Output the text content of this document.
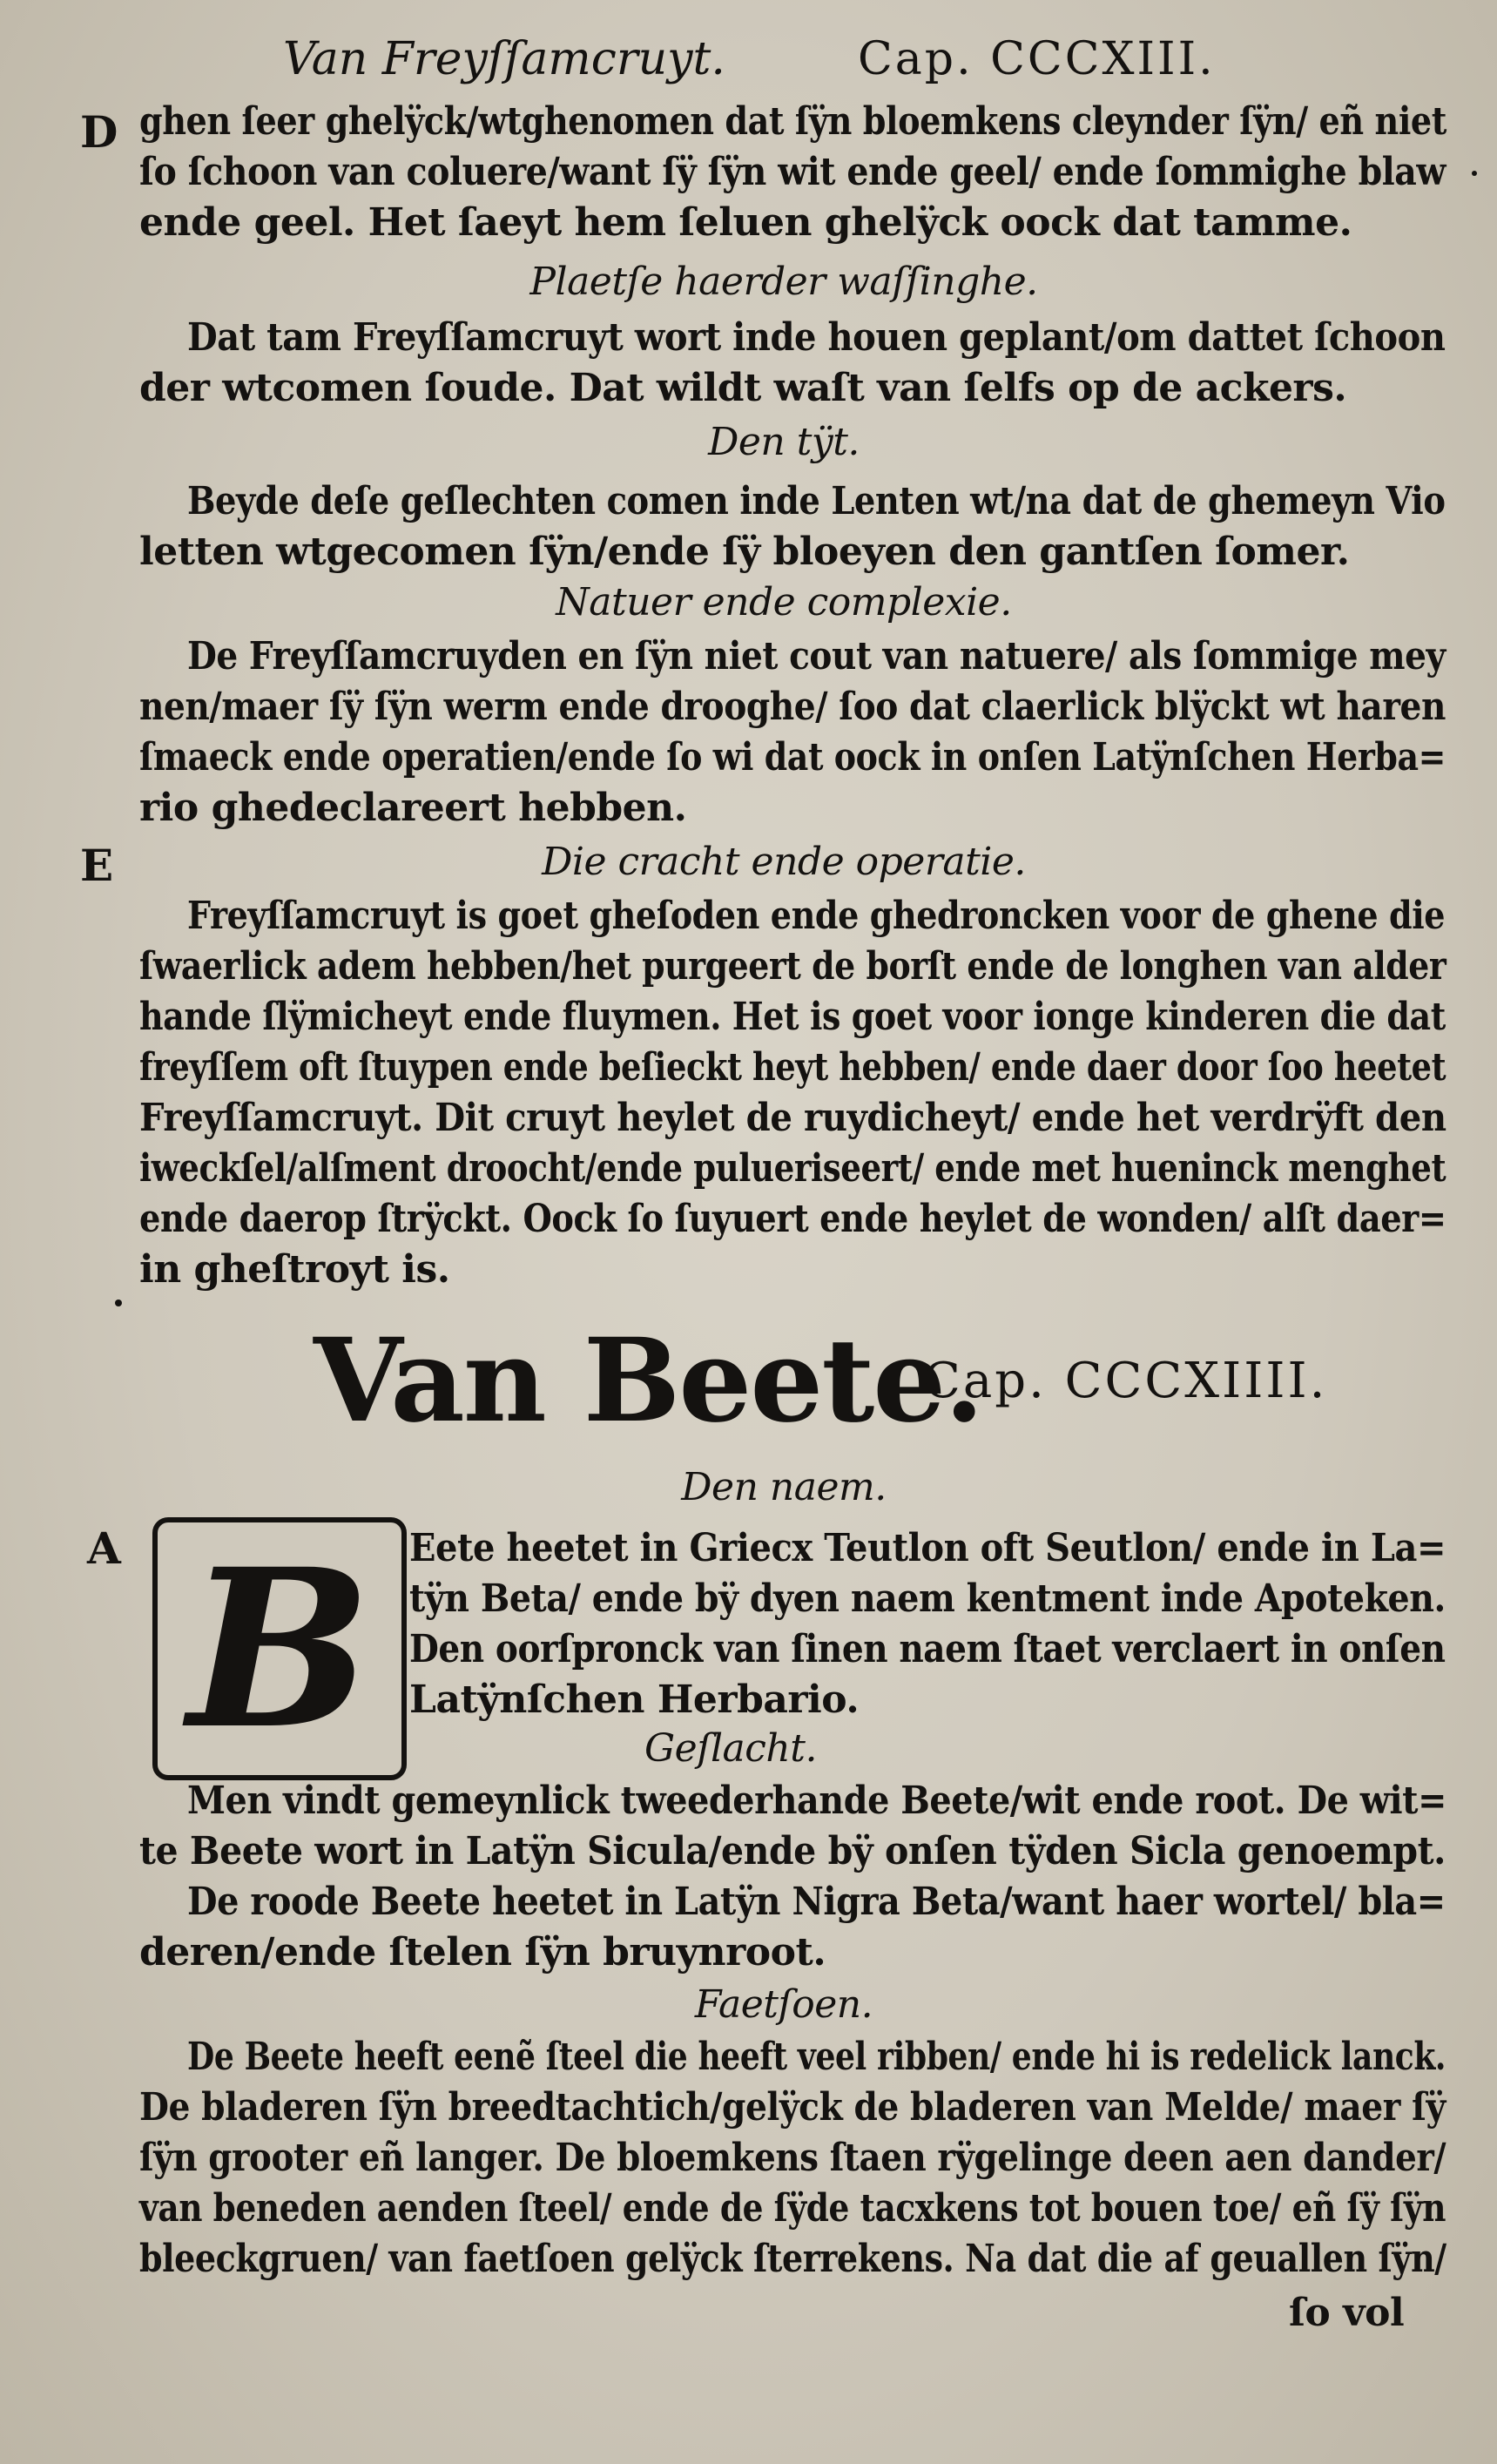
Van Freyſſamcruyt.	Cap. CCCXIII.
D ghen ſeer ghelÿck/wtghenomen dat ſÿn bloemkens cleynder ſÿn/ eñ niet
ſo ſchoon van coluere/want ſÿ ſÿn wit ende geel/ ende ſommighe blaw
ende geel. Het ſaeyt hem ſeluen ghelÿck oock dat tamme.
Plaetſe haerder waſſinghe.
Dat tam Freyſſamcruyt wort inde houen geplant/om dattet ſchoon
der wtcomen ſoude. Dat wildt waſt van ſelfs op de ackers.
Den tÿt.
Beyde deſe geſlechten comen inde Lenten wt/na dat de ghemeyn Vio
letten wtgecomen ſÿn/ende ſÿ bloeyen den gantſen ſomer.
Natuer ende complexie.
De Freyſſamcruyden en ſÿn niet cout van natuere/ als ſommige mey
nen/maer ſÿ ſÿn werm ende drooghe/ ſoo dat claerlick blÿckt wt haren
ſmaeck ende operatien/ende ſo wi dat oock in onſen Latÿnſchen Herba=
rio ghedeclareert hebben.
E	Die cracht ende operatie.
Freyſſamcruyt is goet gheſoden ende ghedroncken voor de ghene die
ſwaerlick adem hebben/het purgeert de borſt ende de longhen van alder
hande ſlÿmicheyt ende fluymen. Het is goet voor ionge kinderen die dat
freyſſem oft ſtuypen ende beſieckt heyt hebben/ ende daer door ſoo heetet
Freyſſamcruyt. Dit cruyt heylet de ruydicheyt/ ende het verdrÿft den
iweckſel/alſment droocht/ende pulueriseert/ ende met hueninck menghet
ende daerop ſtrÿckt. Oock ſo ſuyuert ende heylet de wonden/ alſt daer=
in gheſtroyt is.
Van Beete.
Cap. CCCXIIII.
Den naem.
A B Eete heetet in Griecx Teutlon oft Seutlon/ ende in La=
tÿn Beta/ ende bÿ dyen naem kentment inde Apoteken.
Den oorſpronck van ſinen naem ſtaet verclaert in onſen
Latÿnſchen Herbario.
Geſlacht.
Men vindt gemeynlick tweederhande Beete/wit ende root. De wit=
te Beete wort in Latÿn Sicula/ende bÿ onſen tÿden Sicla genoempt.
De roode Beete heetet in Latÿn Nigra Beta/want haer wortel/ bla=
deren/ende ſtelen ſÿn bruynroot.
Faetſoen.
De Beete heeft eenẽ ſteel die heeft veel ribben/ ende hi is redelick lanck.
De bladeren ſÿn breedtachtich/gelÿck de bladeren van Melde/ maer ſÿ
ſÿn grooter eñ langer. De bloemkens ſtaen rÿgelinge deen aen dander/
van beneden aenden ſteel/ ende de ſÿde tacxkens tot bouen toe/ eñ ſÿ ſÿn
bleeckgruen/ van faetſoen gelÿck ſterrekens. Na dat die af geuallen ſÿn/
ſo vol
